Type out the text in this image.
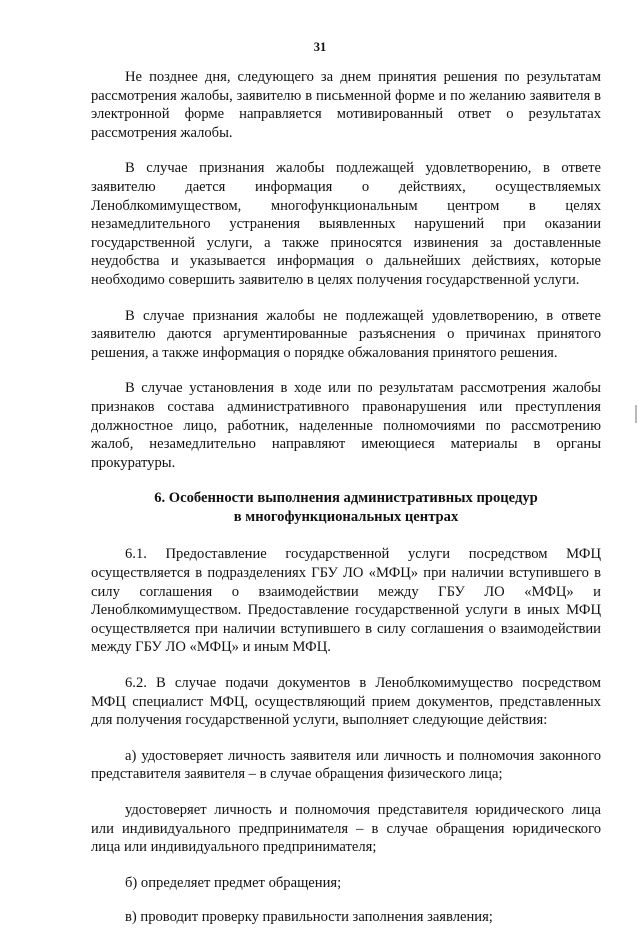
31

Не позднее дня, следующего за днем принятия решения по результатам рассмотрения жалобы, заявителю в письменной форме и по желанию заявителя в электронной форме направляется мотивированный ответ о результатах рассмотрения жалобы.

В случае признания жалобы подлежащей удовлетворению, в ответе заявителю дается информация о действиях, осуществляемых Леноблкомимуществом, многофункциональным центром в целях незамедлительного устранения выявленных нарушений при оказании государственной услуги, а также приносятся извинения за доставленные неудобства и указывается информация о дальнейших действиях, которые необходимо совершить заявителю в целях получения государственной услуги.

В случае признания жалобы не подлежащей удовлетворению, в ответе заявителю даются аргументированные разъяснения о причинах принятого решения, а также информация о порядке обжалования принятого решения.

В случае установления в ходе или по результатам рассмотрения жалобы признаков состава административного правонарушения или преступления должностное лицо, работник, наделенные полномочиями по рассмотрению жалоб, незамедлительно направляют имеющиеся материалы в органы прокуратуры.

6. Особенности выполнения административных процедур
в многофункциональных центрах

6.1. Предоставление государственной услуги посредством МФЦ осуществляется в подразделениях ГБУ ЛО «МФЦ» при наличии вступившего в силу соглашения о взаимодействии между ГБУ ЛО «МФЦ» и Леноблкомимуществом. Предоставление государственной услуги в иных МФЦ осуществляется при наличии вступившего в силу соглашения о взаимодействии между ГБУ ЛО «МФЦ» и иным МФЦ.

6.2. В случае подачи документов в Леноблкомимущество посредством МФЦ специалист МФЦ, осуществляющий прием документов, представленных для получения государственной услуги, выполняет следующие действия:

а) удостоверяет личность заявителя или личность и полномочия законного представителя заявителя – в случае обращения физического лица;

удостоверяет личность и полномочия представителя юридического лица или индивидуального предпринимателя – в случае обращения юридического лица или индивидуального предпринимателя;

б) определяет предмет обращения;

в) проводит проверку правильности заполнения заявления;
